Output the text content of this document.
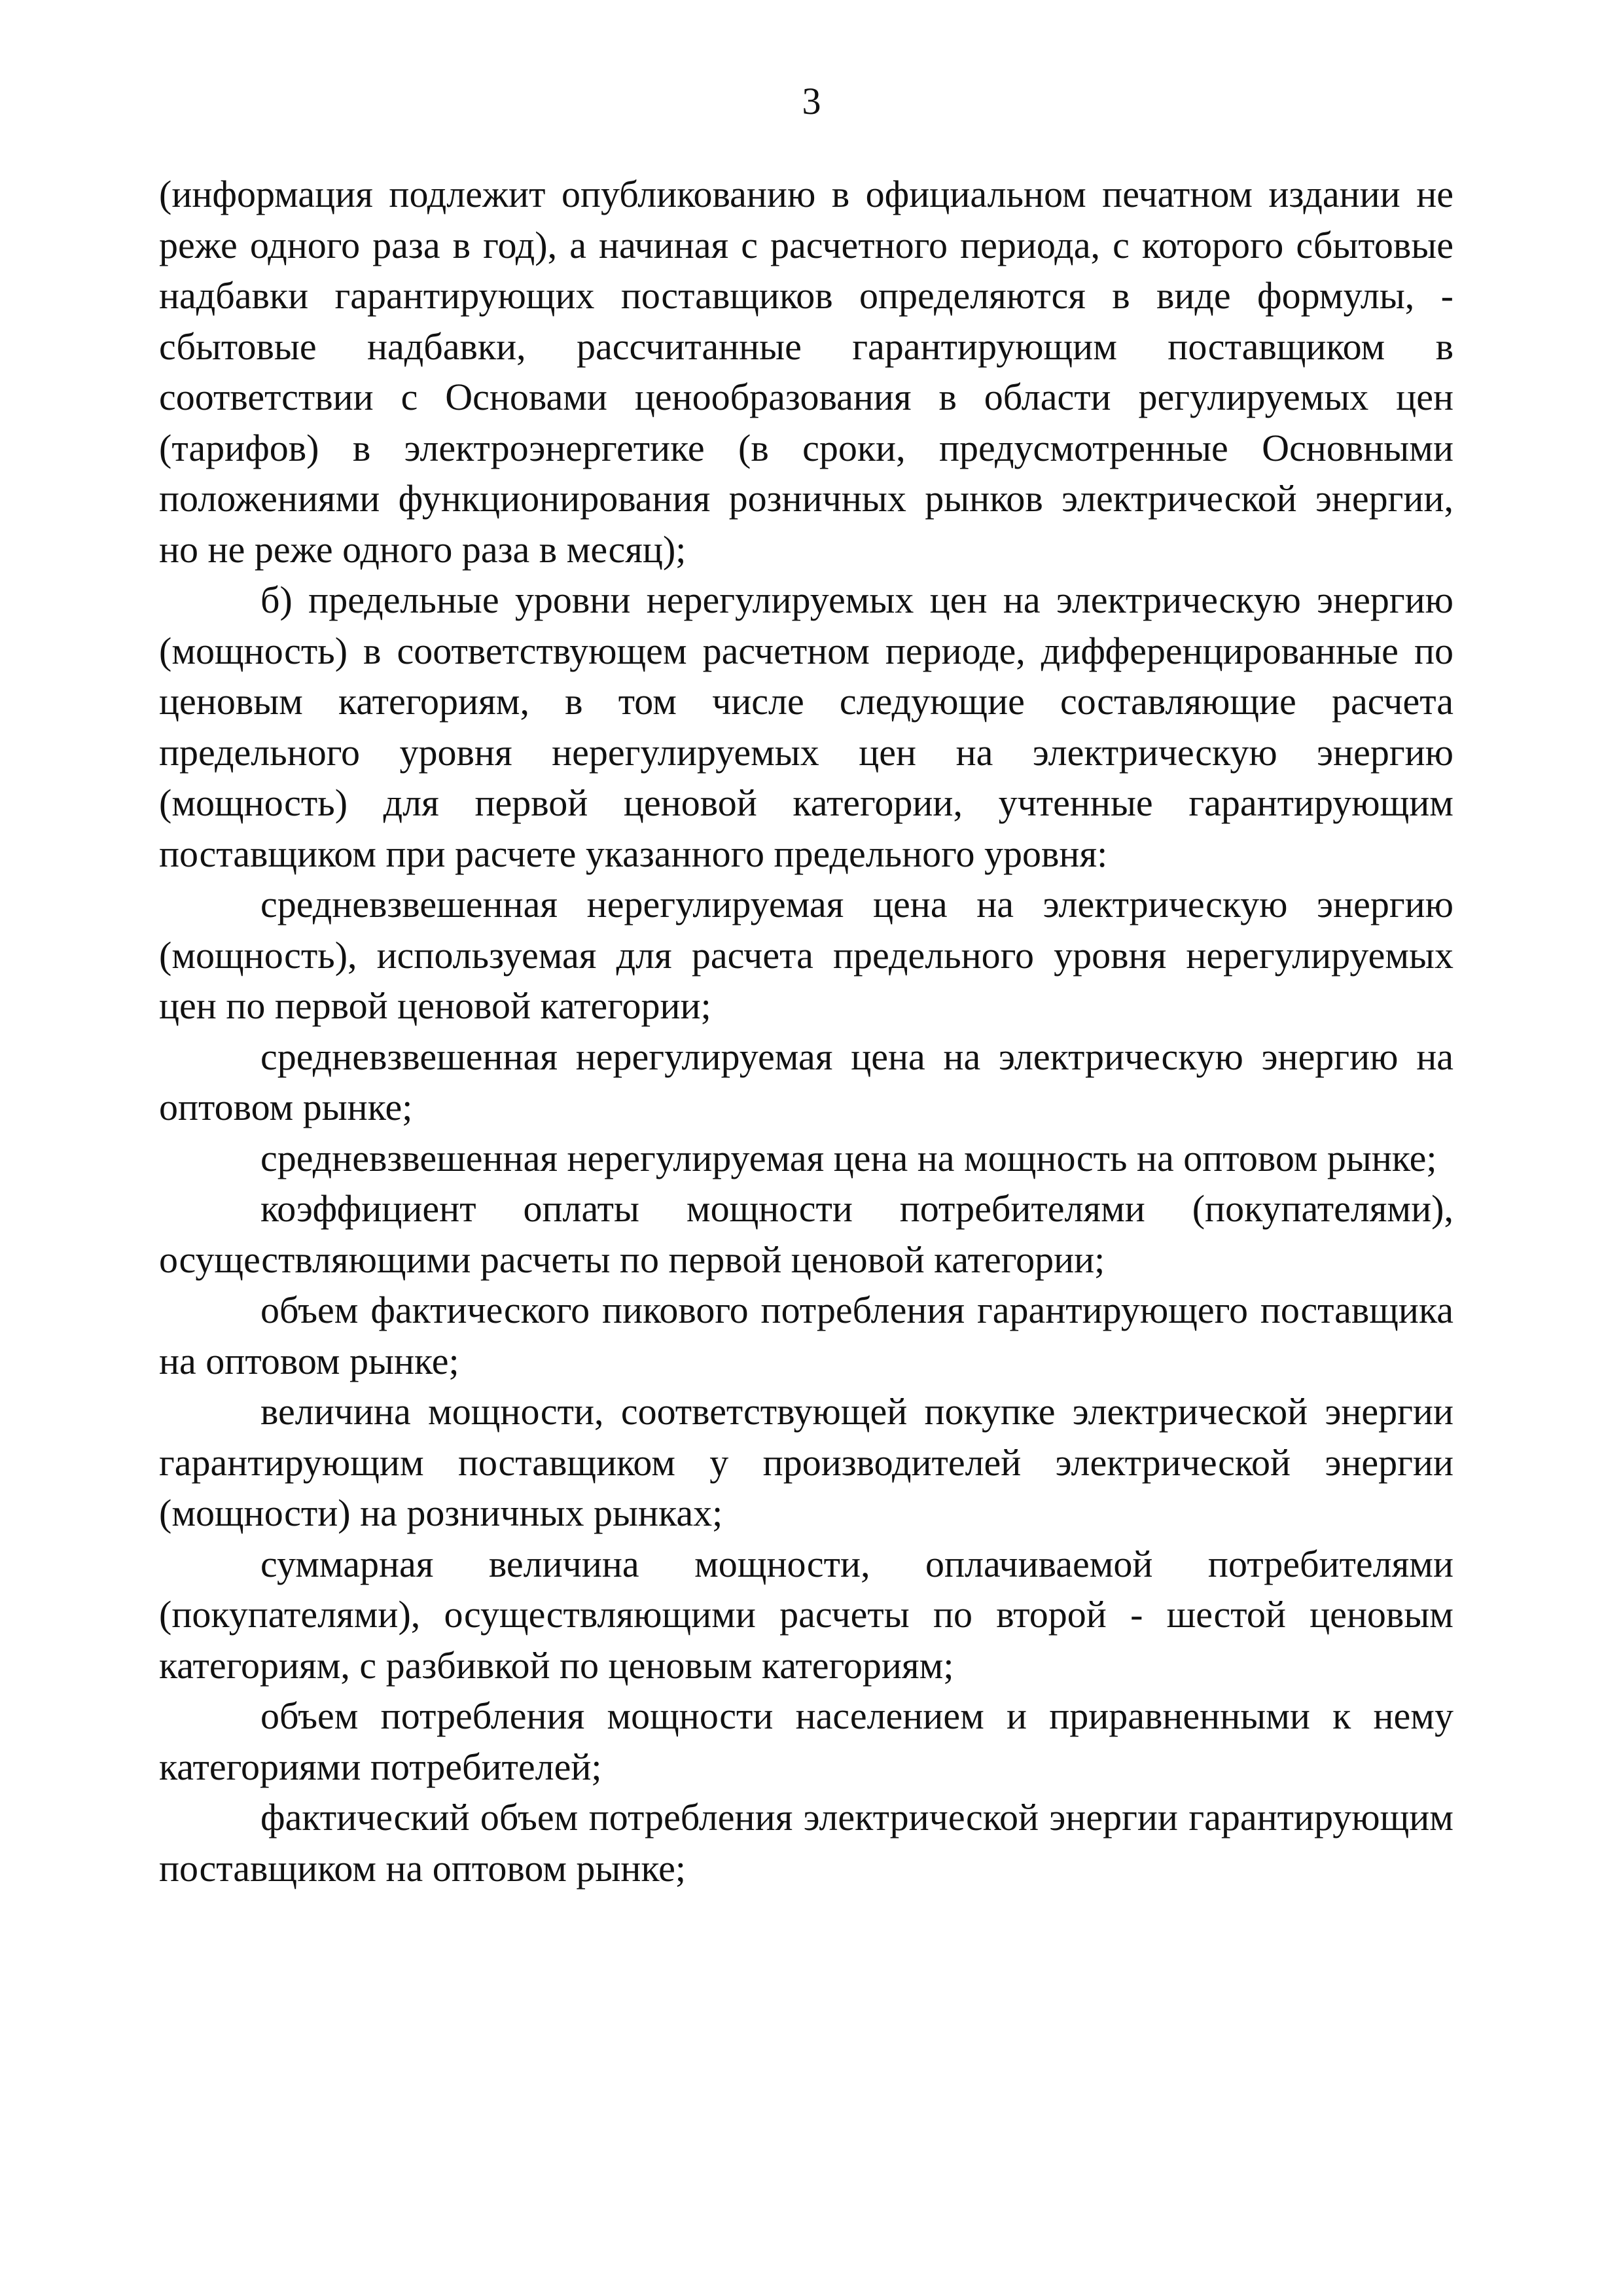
3

(информация подлежит опубликованию в официальном печатном издании не реже одного раза в год), а начиная с расчетного периода, с которого сбытовые надбавки гарантирующих поставщиков определяются в виде формулы, - сбытовые надбавки, рассчитанные гарантирующим поставщиком в соответствии с Основами ценообразования в области регулируемых цен (тарифов) в электроэнергетике (в сроки, предусмотренные Основными положениями функционирования розничных рынков электрической энергии, но не реже одного раза в месяц);

б) предельные уровни нерегулируемых цен на электрическую энергию (мощность) в соответствующем расчетном периоде, дифференцированные по ценовым категориям, в том числе следующие составляющие расчета предельного уровня нерегулируемых цен на электрическую энергию (мощность) для первой ценовой категории, учтенные гарантирующим поставщиком при расчете указанного предельного уровня:

средневзвешенная нерегулируемая цена на электрическую энергию (мощность), используемая для расчета предельного уровня нерегулируемых цен по первой ценовой категории;

средневзвешенная нерегулируемая цена на электрическую энергию на оптовом рынке;

средневзвешенная нерегулируемая цена на мощность на оптовом рынке;

коэффициент оплаты мощности потребителями (покупателями), осуществляющими расчеты по первой ценовой категории;

объем фактического пикового потребления гарантирующего поставщика на оптовом рынке;

величина мощности, соответствующей покупке электрической энергии гарантирующим поставщиком у производителей электрической энергии (мощности) на розничных рынках;

суммарная величина мощности, оплачиваемой потребителями (покупателями), осуществляющими расчеты по второй - шестой ценовым категориям, с разбивкой по ценовым категориям;

объем потребления мощности населением и приравненными к нему категориями потребителей;

фактический объем потребления электрической энергии гарантирующим поставщиком на оптовом рынке;
